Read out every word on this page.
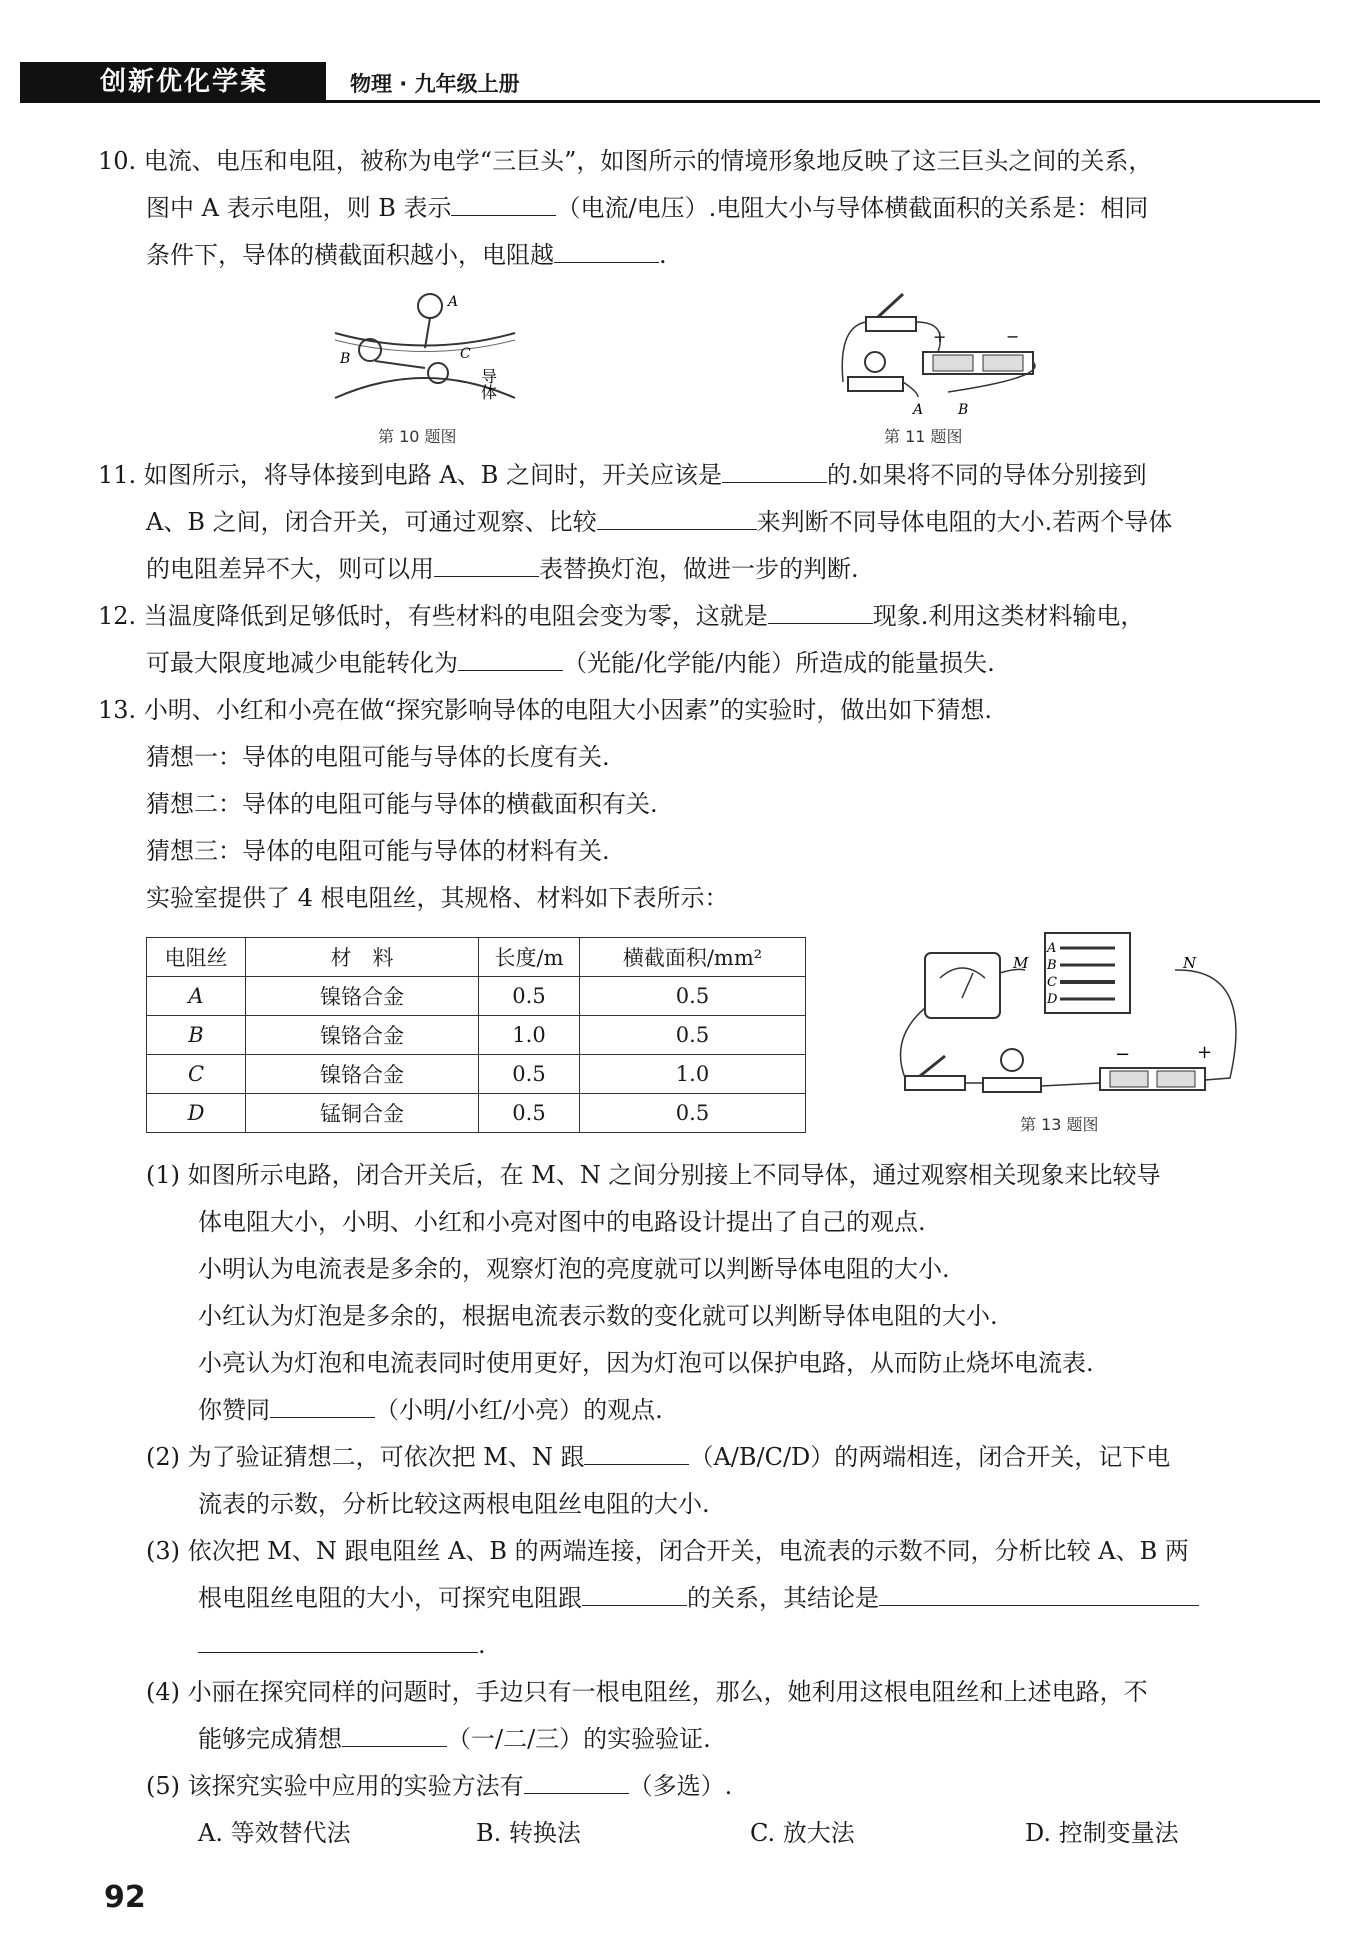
创新优化学案	物理 · 九年级上册
10. 电流、电压和电阻，被称为电学“三巨头”，如图所示的情境形象地反映了这三巨头之间的关系，
图中 A 表示电阻，则 B 表示	（电流/电压）.电阻大小与导体横截面积的关系是：相同
条件下，导体的横截面积越小，电阻越	.
A
B	C
导体
第 10 题图
+	−
A B
第 11 题图
11. 如图所示，将导体接到电路 A、B 之间时，开关应该是	的.如果将不同的导体分别接到
A、B 之间，闭合开关，可通过观察、比较	来判断不同导体电阻的大小.若两个导体
的电阻差异不大，则可以用	表替换灯泡，做进一步的判断.
12. 当温度降低到足够低时，有些材料的电阻会变为零，这就是	现象.利用这类材料输电，
可最大限度地减少电能转化为	（光能/化学能/内能）所造成的能量损失.
13. 小明、小红和小亮在做“探究影响导体的电阻大小因素”的实验时，做出如下猜想.
猜想一：导体的电阻可能与导体的长度有关.
猜想二：导体的电阻可能与导体的横截面积有关.
猜想三：导体的电阻可能与导体的材料有关.
实验室提供了 4 根电阻丝，其规格、材料如下表所示：
电阻丝	材　料	长度/m	横截面积/mm²
A	镍铬合金	0.5	0.5
B	镍铬合金	1.0	0.5
C	镍铬合金	0.5	1.0
D	锰铜合金	0.5	0.5
A
B
C
D
M	N
−	+
第 13 题图
(1) 如图所示电路，闭合开关后，在 M、N 之间分别接上不同导体，通过观察相关现象来比较导
体电阻大小，小明、小红和小亮对图中的电路设计提出了自己的观点.
小明认为电流表是多余的，观察灯泡的亮度就可以判断导体电阻的大小.
小红认为灯泡是多余的，根据电流表示数的变化就可以判断导体电阻的大小.
小亮认为灯泡和电流表同时使用更好，因为灯泡可以保护电路，从而防止烧坏电流表.
你赞同	（小明/小红/小亮）的观点.
(2) 为了验证猜想二，可依次把 M、N 跟	（A/B/C/D）的两端相连，闭合开关，记下电
流表的示数，分析比较这两根电阻丝电阻的大小.
(3) 依次把 M、N 跟电阻丝 A、B 的两端连接，闭合开关，电流表的示数不同，分析比较 A、B 两
根电阻丝电阻的大小，可探究电阻跟	的关系，其结论是
.
(4) 小丽在探究同样的问题时，手边只有一根电阻丝，那么，她利用这根电阻丝和上述电路，不
能够完成猜想	（一/二/三）的实验验证.
(5) 该探究实验中应用的实验方法有	（多选）.
A. 等效替代法	B. 转换法	C. 放大法	D. 控制变量法
92
